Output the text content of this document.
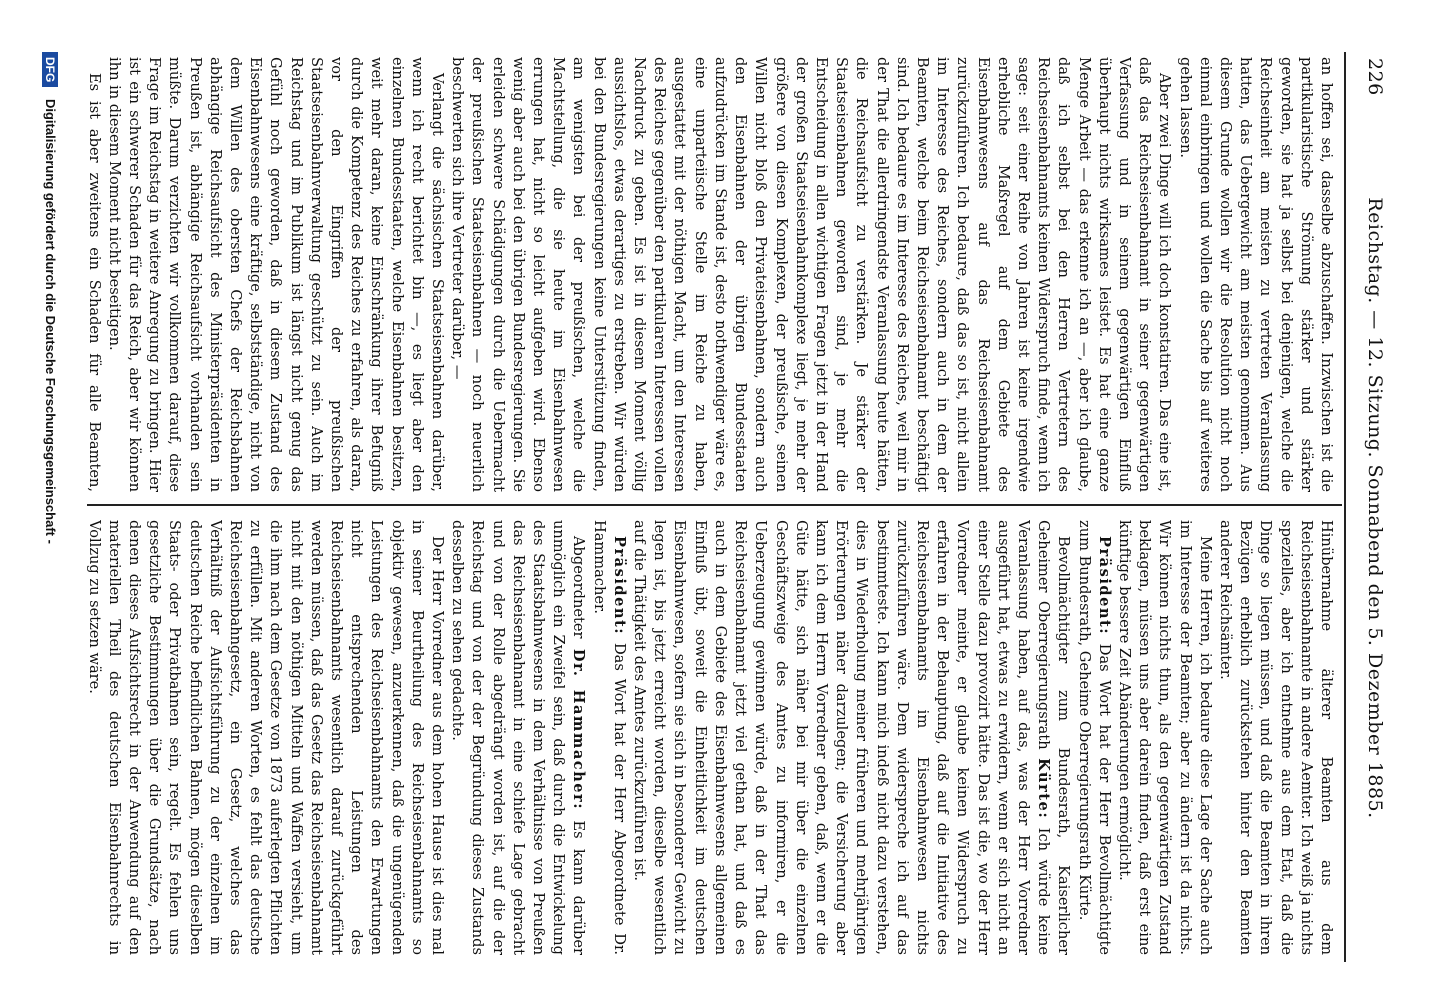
226
Reichstag. — 12. Sitzung. Sonnabend den 5. Dezember 1885.

an hoffen sei, dasselbe abzuschaffen. Inzwischen ist die partikularistische Strömung stärker und stärker geworden, sie hat ja selbst bei denjenigen, welche die Reichseinheit am meisten zu vertreten Veranlassung hatten, das Uebergewicht am meisten genommen. Aus diesem Grunde wollen wir die Resolution nicht noch einmal einbringen und wollen die Sache bis auf weiteres gehen lassen.

Aber zwei Dinge will ich doch konstatiren. Das eine ist, daß das Reichseisenbahnamt in seiner gegenwärtigen Verfassung und in seinem gegenwärtigen Einfluß überhaupt nichts wirksames leistet. Es hat eine ganze Menge Arbeit — das erkenne ich an —, aber ich glaube, daß ich selbst bei den Herren Vertretern des Reichseisenbahnamts keinen Widerspruch finde, wenn ich sage: seit einer Reihe von Jahren ist keine irgendwie erhebliche Maßregel auf dem Gebiete des Eisenbahnwesens auf das Reichseisenbahnamt zurückzuführen. Ich bedaure, daß das so ist, nicht allein im Interesse des Reiches, sondern auch in dem der Beamten, welche beim Reichseisenbahnamt beschäftigt sind. Ich bedaure es im Interesse des Reiches, weil mir in der That die allerdringendste Veranlassung heute hätten, die Reichsaufsicht zu verstärken. Je stärker der Staatseisenbahnen geworden sind, je mehr die Entscheidung in allen wichtigen Fragen jetzt in der Hand der großen Staatseisenbahnkomplexe liegt, je mehr der größere von diesen Komplexen, der preußische, seinen Willen nicht bloß den Privateisenbahnen, sondern auch den Eisenbahnen der übrigen Bundesstaaten aufzudrücken im Stande ist, desto nothwendiger wäre es, eine unparteiische Stelle im Reiche zu haben, ausgestattet mit der nöthigen Macht, um den Interessen des Reiches gegenüber den partikularen Interessen vollen Nachdruck zu geben. Es ist in diesem Moment völlig aussichtslos, etwas derartiges zu erstreben. Wir würden bei den Bundesregierungen keine Unterstützung finden, am wenigsten bei der preußischen, welche die Machtstellung, die sie heute im Eisenbahnwesen errungen hat, nicht so leicht aufgeben wird. Ebenso wenig aber auch bei den übrigen Bundesregierungen. Sie erleiden schwere Schädigungen durch die Uebermacht der preußischen Staatseisenbahnen — noch neuerlich beschwerten sich ihre Vertreter darüber, —

Verlangt die sächsischen Staatseisenbahnen darüber, wenn ich recht berichtet bin —, es liegt aber den einzelnen Bundesstaaten, welche Eisenbahnen besitzen, weit mehr daran, keine Einschränkung ihrer Befugniß durch die Kompetenz des Reiches zu erfahren, als daran, vor den Eingriffen der preußischen Staatseisenbahnverwaltung geschützt zu sein. Auch im Reichstag und im Publikum ist längst nicht genug das Gefühl noch geworden, daß in diesem Zustand des Eisenbahnwesens eine kräftige, selbstständige, nicht von dem Willen des obersten Chefs der Reichsbahnen abhängige Reichsaufsicht des Ministerpräsidenten in Preußen ist, abhängige Reichsaufsicht vorhanden sein müßte. Darum verzichten wir vollkommen darauf, diese Frage im Reichstag in weitere Anregung zu bringen. Hier ist ein schwerer Schaden für das Reich, aber wir können ihn in diesem Moment nicht beseitigen.

Es ist aber zweitens ein Schaden für alle Beamten,

Hinübernahme älterer Beamten aus dem Reichseisenbahnamte in andere Aemter. Ich weiß ja nichts spezielles, aber ich entnehme aus dem Etat, daß die Dinge so liegen müssen, und daß die Beamten in ihren Bezügen erheblich zurückstehen hinter den Beamten anderer Reichsämter.

Meine Herren, ich bedaure diese Lage der Sache auch im Interesse der Beamten; aber zu ändern ist da nichts. Wir können nichts thun, als den gegenwärtigen Zustand beklagen, müssen uns aber darein finden, daß erst eine künftige bessere Zeit Abänderungen ermöglicht.

Präsident: Das Wort hat der Herr Bevollmächtigte zum Bundesrath, Geheime Oberregierungsrath Kürte.

Bevollmächtigter zum Bundesrath, Kaiserlicher Geheimer Oberregierungsrath Kürte: Ich würde keine Veranlassung haben, auf das, was der Herr Vorredner ausgeführt hat, etwas zu erwidern, wenn er sich nicht an einer Stelle dazu provozirt hätte. Das ist die, wo der Herr Vorredner meinte, er glaube keinen Widerspruch zu erfahren in der Behauptung, daß auf die Initiative des Reichseisenbahnamts im Eisenbahnwesen nichts zurückzuführen wäre. Dem widerspreche ich auf das bestimmteste. Ich kann mich indeß nicht dazu verstehen, dies in Wiederholung meiner früheren und mehrjährigen Erörterungen näher darzulegen; die Versicherung aber kann ich dem Herrn Vorredner geben, daß, wenn er die Güte hätte, sich näher bei mir über die einzelnen Geschäftszweige des Amtes zu informiren, er die Ueberzeugung gewinnen würde, daß in der That das Reichseisenbahnamt jetzt viel gethan hat, und daß es auch in dem Gebiete des Eisenbahnwesens allgemeinen Einfluß übt, soweit die Einheitlichkeit im deutschen Eisenbahnwesen, sofern sie sich in besonderer Gewicht zu legen ist, bis jetzt erreicht worden, dieselbe wesentlich auf die Thätigkeit des Amtes zurückzuführen ist.

Präsident: Das Wort hat der Herr Abgeordnete Dr. Hammacher.

Abgeordneter Dr. Hammacher: Es kann darüber unmöglich ein Zweifel sein, daß durch die Entwickelung des Staatsbahnwesens in dem Verhältnisse von Preußen das Reichseisenbahnamt in eine schiefe Lage gebracht und von der Rolle abgedrängt worden ist, auf die der Reichstag und von der der Begründung dieses Zustands desselben zu sehen gedachte.

Der Herr Vorredner aus dem hohen Hause ist dies mal in seiner Beurtheilung des Reichseisenbahnamts so objektiv gewesen, anzuerkennen, daß die ungenügenden Leistungen des Reichseisenbahnamts den Erwartungen nicht entsprechenden Leistungen des Reichseisenbahnamts wesentlich darauf zurückgeführt werden müssen, daß das Gesetz das Reichseisenbahnamt nicht mit den nöthigen Mitteln und Waffen versieht, um die ihm nach dem Gesetze von 1873 auferlegten Pflichten zu erfüllen. Mit anderen Worten, es fehlt das deutsche Reichseisenbahngesetz, ein Gesetz, welches das Verhältniß der Aufsichtsführung zu der einzelnen im deutschen Reiche befindlichen Bahnen, mögen dieselben Staats- oder Privatbahnen sein, regelt. Es fehlen uns gesetzliche Bestimmungen über die Grundsätze, nach denen dieses Aufsichtsrecht in der Anwendung auf den materiellen Theil des deutschen Eisenbahnrechts in Vollzug zu setzen wäre.

DFG Digitalisierung gefördert durch die Deutsche Forschungsgemeinschaft -
